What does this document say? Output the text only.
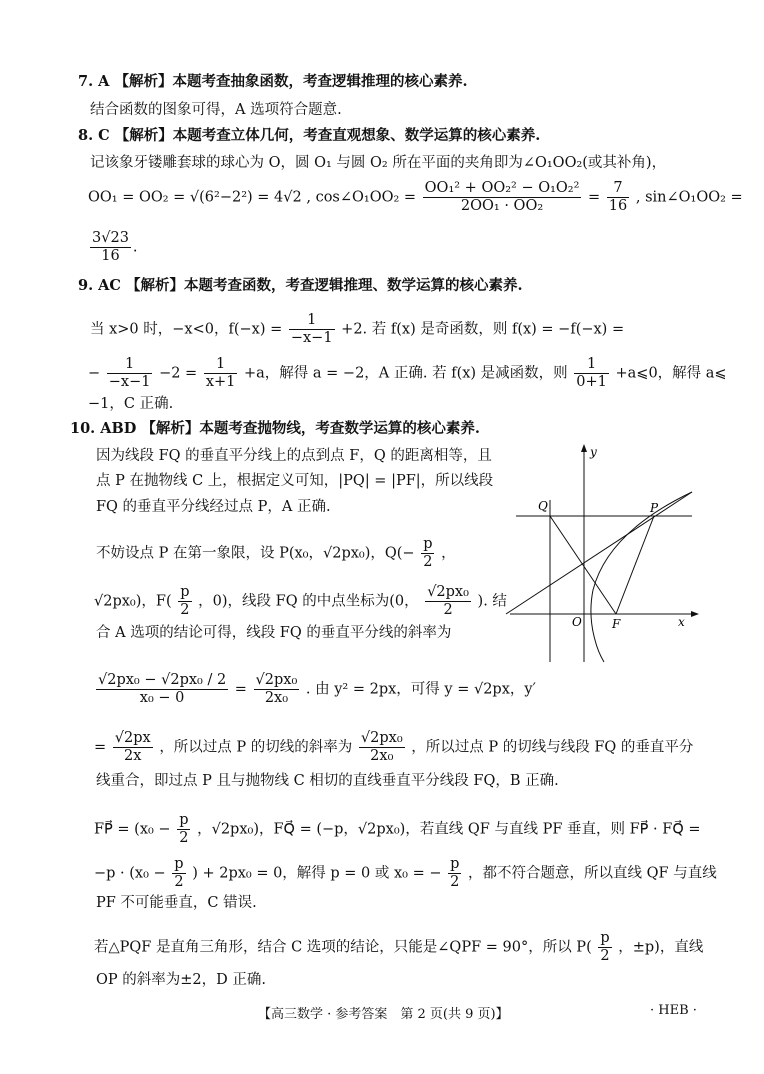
7. A 【解析】本题考查抽象函数，考查逻辑推理的核心素养.
结合函数的图象可得，A 选项符合题意.
8. C 【解析】本题考查立体几何，考查直观想象、数学运算的核心素养.
记该象牙镂雕套球的球心为 O，圆 O₁ 与圆 O₂ 所在平面的夹角即为∠O₁OO₂(或其补角)，
OO₁ = OO₂ = √(6²−2²) = 4√2 , cos∠O₁OO₂ = $\frac{\text{OO₁² + OO₂² − O₁O₂²}}{\text{2OO₁ · OO₂}} = \frac{7}{16}$ , sin∠O₁OO₂ =
$\frac{3√23}{16}$ .
9. AC 【解析】本题考查函数，考查逻辑推理、数学运算的核心素养.
当 x>0 时，−x<0，$f(-x) = \frac{1}{-x-1} +2$. 若 f(x) 是奇函数，则 f(x) = −f(−x) =
− $\frac{1}{-x-1} -2 = \frac{1}{x+1} +a$，解得 a = −2，A 正确. 若 f(x) 是减函数，则 $\frac{1}{0+1}$ +a⩽0，解得 a⩽
−1，C 正确.
10. ABD 【解析】本题考查抛物线，考查数学运算的核心素养.
因为线段 FQ 的垂直平分线上的点到点 F，Q 的距离相等，且
点 P 在抛物线 C 上，根据定义可知，|PQ| = |PF|，所以线段
FQ 的垂直平分线经过点 P，A 正确.
不妨设点 P 在第一象限，设 P(x₀，√2px₀)，$Q(- \frac{p}{2}$ ，
√2px₀)，$F( \frac{p}{2}$ ，0)，线段 FQ 的中点坐标为(0， $\frac{\text{√2px₀}}{2}$ ). 结
合 A 选项的结论可得，线段 FQ 的垂直平分线的斜率为
$\frac{\text{√2px₀ − √2px₀ / 2}}{\text{x₀ − 0}} = \frac{\text{√2px₀}}{\text{2x₀}}$ . 由 y² = 2px，可得 y = √2px，y′
= $\frac{√2px}{2x}$ ，所以过点 P 的切线的斜率为 $\frac{\text{√2px₀}}{\text{2x₀}}$ ，所以过点 P 的切线与线段 FQ 的垂直平分
线重合，即过点 P 且与抛物线 C 相切的直线垂直平分线段 FQ，B 正确.
FP⃗ = ($x_0 - \frac{p}{2}$ ，√2px₀)，FQ⃗ = (−p，√2px₀)，若直线 QF 与直线 PF 垂直，则 FP⃗ · FQ⃗ =
$-p \cdot (x_0 - \frac{p}{2}$ ) + 2px₀ = 0，解得 p = 0 或 x₀ = − $\frac{p}{2}$ ，都不符合题意，所以直线 QF 与直线
PF 不可能垂直，C 错误.
若△PQF 是直角三角形，结合 C 选项的结论，只能是∠QPF = 90°，所以 $P( \frac{p}{2}$ ，±p)，直线
OP 的斜率为±2，D 正确.
y
x
O	F
Q	P
【高三数学 · 参考答案　第 2 页(共 9 页)】	· HEB ·
